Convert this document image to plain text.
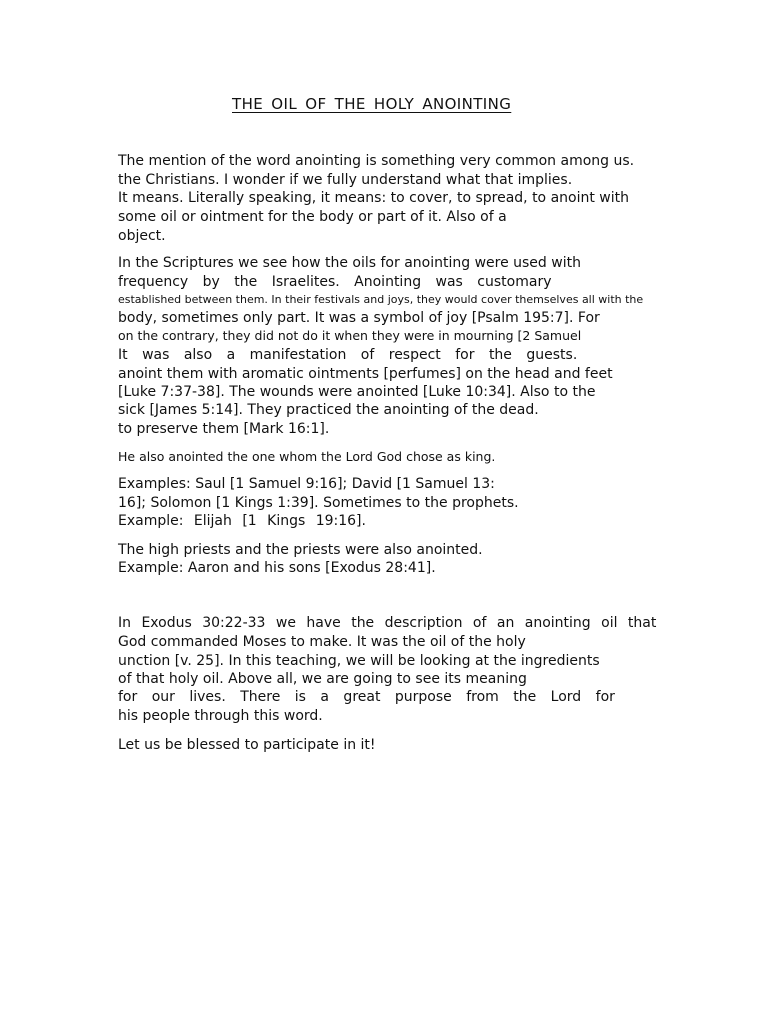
THE OIL OF THE HOLY ANOINTING
The mention of the word anointing is something very common among us.
the Christians. I wonder if we fully understand what that implies.
It means. Literally speaking, it means: to cover, to spread, to anoint with
some oil or ointment for the body or part of it. Also of a
object.
In the Scriptures we see how the oils for anointing were used with
frequency by the Israelites. Anointing was customary
established between them. In their festivals and joys, they would cover themselves all with the
body, sometimes only part. It was a symbol of joy [Psalm 195:7]. For
on the contrary, they did not do it when they were in mourning [2 Samuel
It was also a manifestation of respect for the guests.
anoint them with aromatic ointments [perfumes] on the head and feet
[Luke 7:37-38]. The wounds were anointed [Luke 10:34]. Also to the
sick [James 5:14]. They practiced the anointing of the dead.
to preserve them [Mark 16:1].
He also anointed the one whom the Lord God chose as king.
Examples: Saul [1 Samuel 9:16]; David [1 Samuel 13:
16]; Solomon [1 Kings 1:39]. Sometimes to the prophets.
Example: Elijah [1 Kings 19:16].
The high priests and the priests were also anointed.
Example: Aaron and his sons [Exodus 28:41].
In Exodus 30:22-33 we have the description of an anointing oil that
God commanded Moses to make. It was the oil of the holy
unction [v. 25]. In this teaching, we will be looking at the ingredients
of that holy oil. Above all, we are going to see its meaning
for our lives. There is a great purpose from the Lord for
his people through this word.
Let us be blessed to participate in it!
